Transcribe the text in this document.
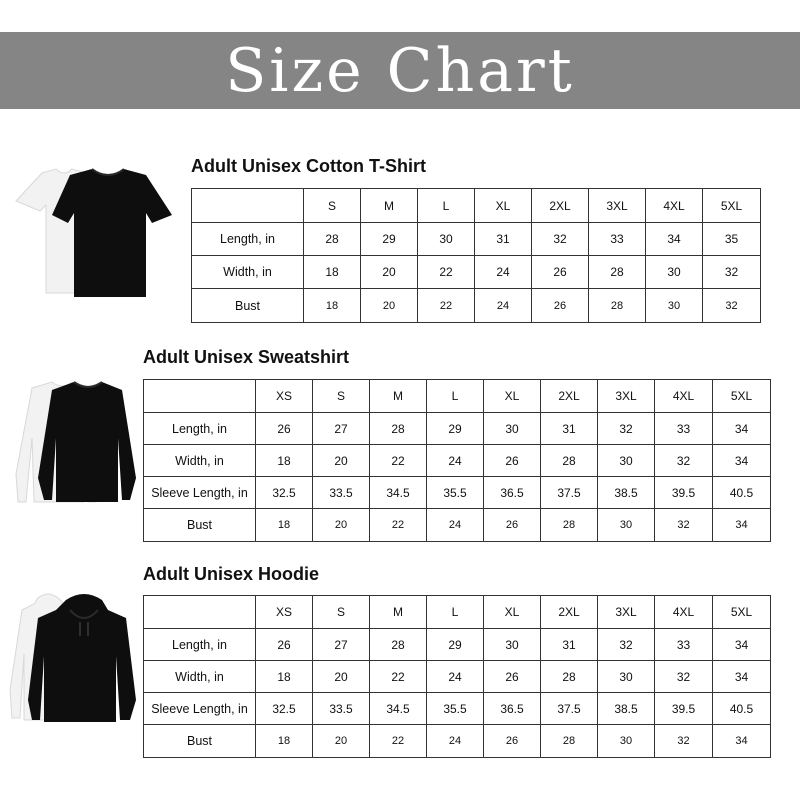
Size Chart
Adult Unisex Cotton T-Shirt
	S	M	L	XL	2XL	3XL	4XL	5XL
Length, in	28	29	30	31	32	33	34	35
Width, in	18	20	22	24	26	28	30	32
Bust	18	20	22	24	26	28	30	32
Adult Unisex Sweatshirt
	XS	S	M	L	XL	2XL	3XL	4XL	5XL
Length, in	26	27	28	29	30	31	32	33	34
Width, in	18	20	22	24	26	28	30	32	34
Sleeve Length, in	32.5	33.5	34.5	35.5	36.5	37.5	38.5	39.5	40.5
Bust	18	20	22	24	26	28	30	32	34
Adult Unisex Hoodie
	XS	S	M	L	XL	2XL	3XL	4XL	5XL
Length, in	26	27	28	29	30	31	32	33	34
Width, in	18	20	22	24	26	28	30	32	34
Sleeve Length, in	32.5	33.5	34.5	35.5	36.5	37.5	38.5	39.5	40.5
Bust	18	20	22	24	26	28	30	32	34
